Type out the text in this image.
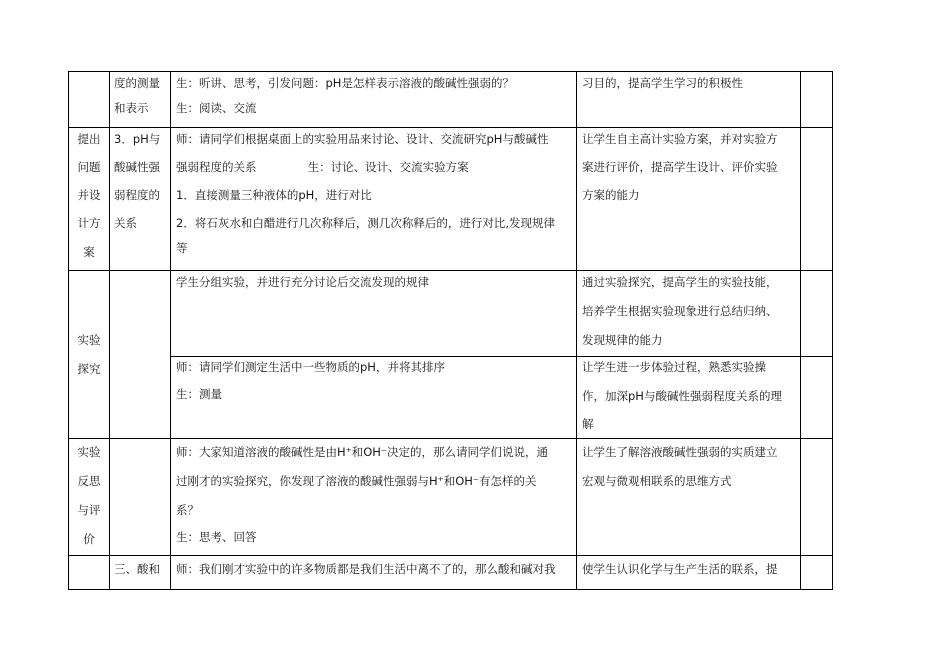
度的测量
和表示
生：听讲、思考，引发问题：pH是怎样表示溶液的酸碱性强弱的？
生：阅读、交流
习目的，提高学生学习的积极性
提出
问题
并设
计方
案
3．pH与
酸碱性强
弱程度的
关系
师：请同学们根据桌面上的实验用品来讨论、设计、交流研究pH与酸碱性
强弱程度的关系              生：讨论、设计、交流实验方案
1．直接测量三种液体的pH，进行对比
2．将石灰水和白醋进行几次称释后，测几次称释后的，进行对比,发现规律
等
让学生自主高计实验方案，并对实验方
案进行评价，提高学生设计、评价实验
方案的能力
实验
探究
学生分组实验，并进行充分讨论后交流发现的规律	通过实验探究，提高学生的实验技能，
培养学生根据实验现象进行总结归纳、
发现规律的能力
师：请同学们测定生活中一些物质的pH，并将其排序
生：测量
让学生进一步体验过程，熟悉实验操
作，加深pH与酸碱性强弱程度关系的理
解
实验
反思
与评
价
师：大家知道溶液的酸碱性是由H⁺和OH⁻决定的，那么请同学们说说，通
过刚才的实验探究，你发现了溶液的酸碱性强弱与H⁺和OH⁻有怎样的关
系？
生：思考、回答
让学生了解溶液酸碱性强弱的实质建立
宏观与微观相联系的思维方式
三、酸和 师：我们刚才实验中的许多物质都是我们生活中离不了的，那么酸和碱对我 使学生认识化学与生产生活的联系，提
